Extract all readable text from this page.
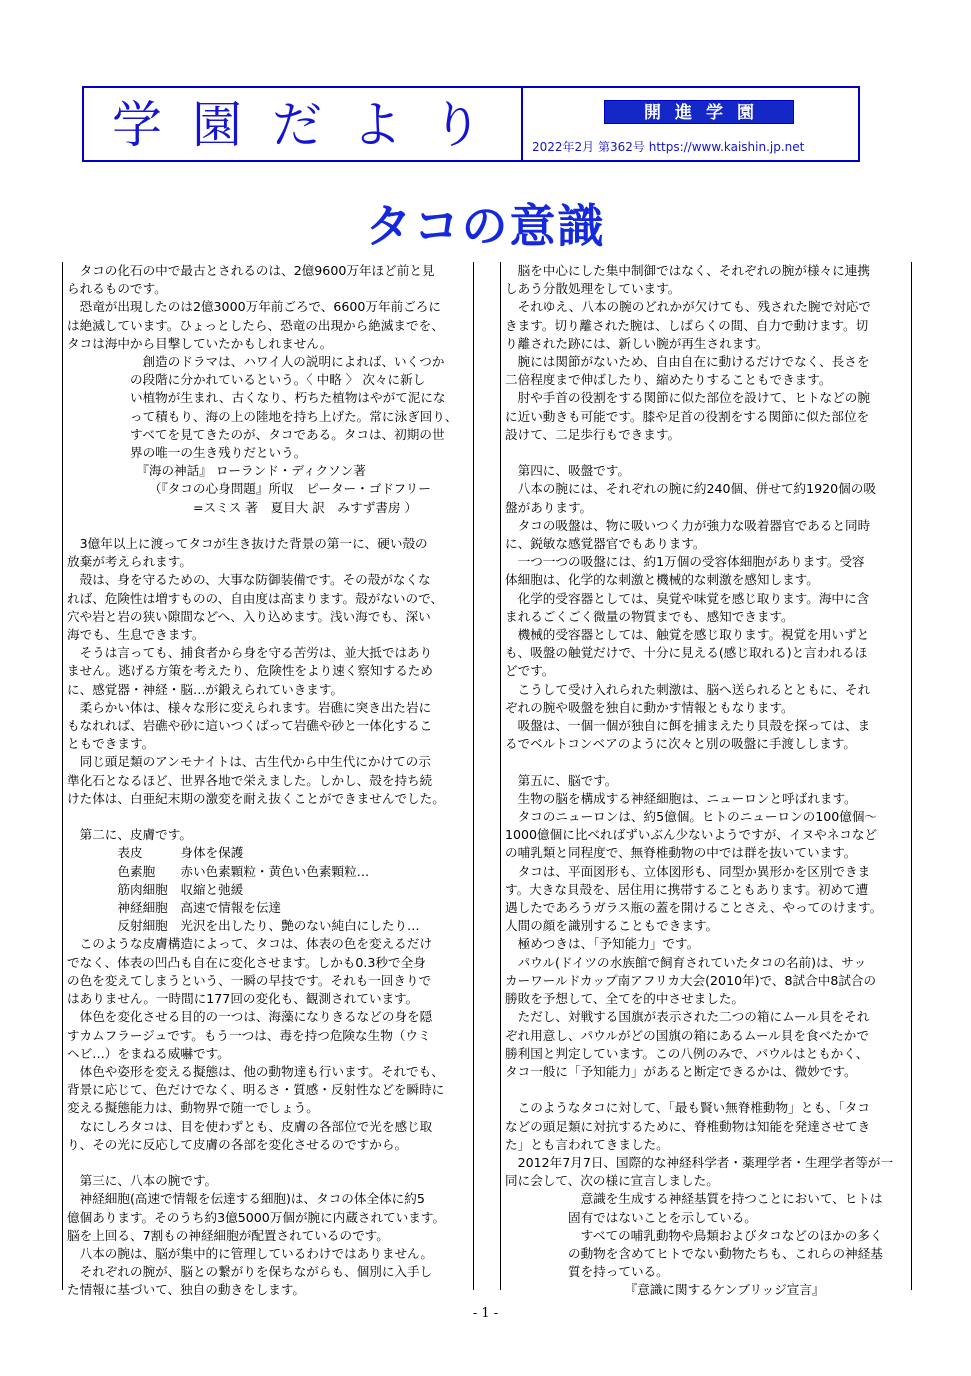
学園だより	開進学園
2022年2月 第362号 https://www.kaishin.jp.net
タコの意識

　タコの化石の中で最古とされるのは、2億9600万年ほど前と見

られるものです。

　恐竜が出現したのは2億3000万年前ごろで、6600万年前ごろに

は絶滅しています。ひょっとしたら、恐竜の出現から絶滅までを、

タコは海中から目撃していたかもしれません。

　　　　　　創造のドラマは、ハワイ人の説明によれば、いくつか

　　　　　の段階に分かれているという。〈 中略 〉 次々に新し

　　　　　い植物が生まれ、古くなり、朽ちた植物はやがて泥にな

　　　　　って積もり、海の上の陸地を持ち上げた。常に泳ぎ回り、

　　　　　すべてを見てきたのが、タコである。タコは、初期の世

　　　　　界の唯一の生き残りだという。

　　　　　　『海の神話』 ローランド・ディクソン著

　　　　　　　（『タコの心身問題』所収　ピーター・ゴドフリー

　　　　　　　　　　=スミス 著　夏目大 訳　みすず書房 ）

　3億年以上に渡ってタコが生き抜けた背景の第一に、硬い殻の

放棄が考えられます。

　殻は、身を守るための、大事な防御装備です。その殻がなくな

れば、危険性は増すものの、自由度は高まります。殻がないので、

穴や岩と岩の狭い隙間などへ、入り込めます。浅い海でも、深い

海でも、生息できます。

　そうは言っても、捕食者から身を守る苦労は、並大抵ではあり

ません。逃げる方策を考えたり、危険性をより速く察知するため

に、感覚器・神経・脳…が鍛えられていきます。

　柔らかい体は、様々な形に変えられます。岩礁に突き出た岩に

もなれれば、岩礁や砂に這いつくばって岩礁や砂と一体化するこ

ともできます。

　同じ頭足類のアンモナイトは、古生代から中生代にかけての示

準化石となるほど、世界各地で栄えました。しかし、殻を持ち続

けた体は、白亜紀末期の激変を耐え抜くことができませんでした。

　第二に、皮膚です。

　　　　表皮　　　身体を保護

　　　　色素胞　　赤い色素顆粒・黄色い色素顆粒…

　　　　筋肉細胞　収縮と弛緩

　　　　神経細胞　高速で情報を伝達

　　　　反射細胞　光沢を出したり、艶のない純白にしたり…

　このような皮膚構造によって、タコは、体表の色を変えるだけ

でなく、体表の凹凸も自在に変化させます。しかも0.3秒で全身

の色を変えてしまうという、一瞬の早技です。それも一回きりで

はありません。一時間に177回の変化も、観測されています。

　体色を変化させる目的の一つは、海藻になりきるなどの身を隠

すカムフラージュです。もう一つは、毒を持つ危険な生物（ウミ

ヘビ…）をまねる威嚇です。

　体色や姿形を変える擬態は、他の動物達も行います。それでも、

背景に応じて、色だけでなく、明るさ・質感・反射性などを瞬時に

変える擬態能力は、動物界で随一でしょう。

　なにしろタコは、目を使わずとも、皮膚の各部位で光を感じ取

り、その光に反応して皮膚の各部を変化させるのですから。

　第三に、八本の腕です。

　神経細胞(高速で情報を伝達する細胞)は、タコの体全体に約5

億個あります。そのうち約3億5000万個が腕に内蔵されています。

脳を上回る、7割もの神経細胞が配置されているのです。

　八本の腕は、脳が集中的に管理しているわけではありません。

　それぞれの腕が、脳との繋がりを保ちながらも、個別に入手し

た情報に基づいて、独自の動きをします。

　脳を中心にした集中制御ではなく、それぞれの腕が様々に連携

しあう分散処理をしています。

　それゆえ、八本の腕のどれかが欠けても、残された腕で対応で

きます。切り離された腕は、しばらくの間、自力で動けます。切

り離された跡には、新しい腕が再生されます。

　腕には関節がないため、自由自在に動けるだけでなく、長さを

二倍程度まで伸ばしたり、縮めたりすることもできます。

　肘や手首の役割をする関節に似た部位を設けて、ヒトなどの腕

に近い動きも可能です。膝や足首の役割をする関節に似た部位を

設けて、二足歩行もできます。

　第四に、吸盤です。

　八本の腕には、それぞれの腕に約240個、併せて約1920個の吸

盤があります。

　タコの吸盤は、物に吸いつく力が強力な吸着器官であると同時

に、鋭敏な感覚器官でもあります。

　一つ一つの吸盤には、約1万個の受容体細胞があります。受容

体細胞は、化学的な刺激と機械的な刺激を感知します。

　化学的受容器としては、臭覚や味覚を感じ取ります。海中に含

まれるごくごく微量の物質までも、感知できます。

　機械的受容器としては、触覚を感じ取ります。視覚を用いずと

も、吸盤の触覚だけで、十分に見える(感じ取れる)と言われるほ

どです。

　こうして受け入れられた刺激は、脳へ送られるとともに、それ

ぞれの腕や吸盤を独自に動かす情報ともなります。

　吸盤は、一個一個が独自に餌を捕まえたり貝殻を探っては、ま

るでベルトコンベアのように次々と別の吸盤に手渡しします。

　第五に、脳です。

　生物の脳を構成する神経細胞は、ニューロンと呼ばれます。

　タコのニューロンは、約5億個。ヒトのニューロンの100億個～

1000億個に比べればずいぶん少ないようですが、イヌやネコなど

の哺乳類と同程度で、無脊椎動物の中では群を抜いています。

　タコは、平面図形も、立体図形も、同型か異形かを区別できま

す。大きな貝殻を、居住用に携帯することもあります。初めて遭

遇したであろうガラス瓶の蓋を開けることさえ、やってのけます。

人間の顔を識別することもできます。

　極めつきは、「予知能力」です。

　パウル(ドイツの水族館で飼育されていたタコの名前)は、サッ

カーワールドカップ南アフリカ大会(2010年)で、8試合中8試合の

勝敗を予想して、全てを的中させました。

　ただし、対戦する国旗が表示された二つの箱にムール貝をそれ

ぞれ用意し、パウルがどの国旗の箱にあるムール貝を食べたかで

勝利国と判定しています。この八例のみで、パウルはともかく、

タコ一般に「予知能力」があると断定できるかは、微妙です。

　このようなタコに対して、「最も賢い無脊椎動物」とも、「タコ

などの頭足類に対抗するために、脊椎動物は知能を発達させてき

た」とも言われてきました。

　2012年7月7日、国際的な神経科学者・薬理学者・生理学者等が一

同に会して、次の様に宣言しました。

　　　　　　意識を生成する神経基質を持つことにおいて、ヒトは

　　　　　固有ではないことを示している。

　　　　　　すべての哺乳動物や鳥類およびタコなどのほかの多く

　　　　　の動物を含めてヒトでない動物たちも、これらの神経基

　　　　　質を持っている。

　　　　　　　　　　『意識に関するケンブリッジ宣言』

- 1 -
